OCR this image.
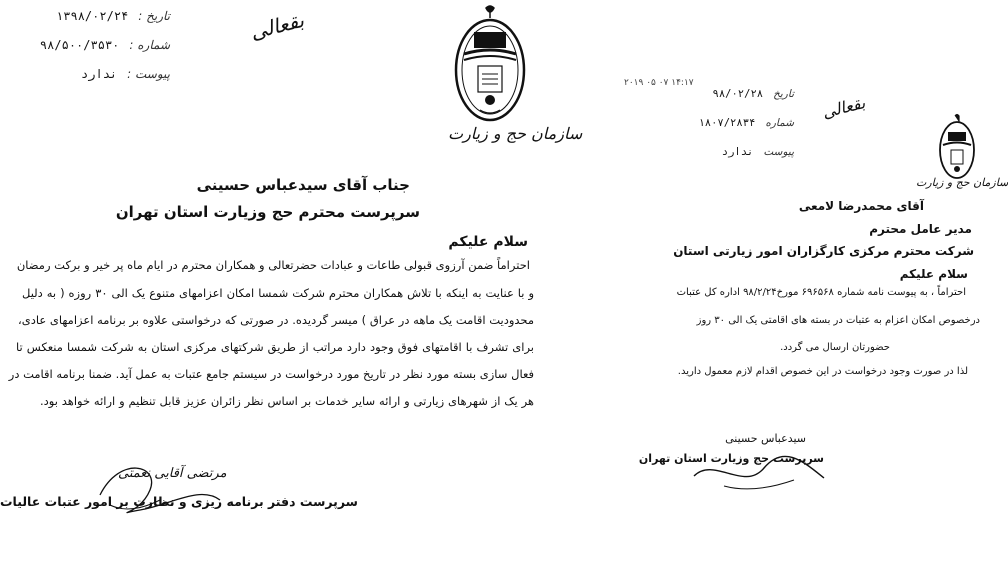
تاریخ :
۱۳۹۸/۰۲/۲۴
شماره :
۹۸/۵۰۰/۳۵۳۰
پیوست :
ندارد
بقعالی
سازمان حج و زیارت
جناب آقای سیدعباس حسینی
سرپرست محترم حج وزیارت استان تهران
سلام علیکم
احتراماً ضمن آرزوی قبولی طاعات و عبادات حضرتعالی و همکاران محترم در ایام ماه پر خیر و برکت رمضان
و با عنایت به اینکه با تلاش همکاران محترم شرکت شمسا امکان اعزامهای متنوع یک الی ۳۰ روزه ( به دلیل
محدودیت اقامت یک ماهه در عراق ) میسر گردیده. در صورتی که درخواستی علاوه بر برنامه اعزامهای عادی،
برای تشرف با اقامتهای فوق وجود دارد مراتب از طریق شرکتهای مرکزی استان به شرکت شمسا منعکس تا
فعال سازی بسته مورد نظر در تاریخ مورد درخواست در سیستم جامع عتبات به عمل آید. ضمنا برنامه اقامت در
هر یک از شهرهای زیارتی و ارائه سایر خدمات بر اساس نظر زائران عزیز قابل تنظیم و ارائه خواهد بود.
مرتضی آقایی نعمتی
سرپرست دفتر برنامه ریزی و نظارت بر امور عتبات عالیات
۲۰۱۹ ۰۵ ۰۷ ۱۴:۱۷
تاریخ
۹۸/۰۲/۲۸
شماره
۱۸۰۷/۲۸۳۴
پیوست
ندارد
بقعالی
سازمان حج و زیارت
آقای محمدرضا لامعی
مدیر عامل محترم
شرکت محترم مرکزی کارگزاران امور زیارتی استان
سلام علیکم
احتراماً ، به پیوست نامه شماره ۶۹۶۵۶۸ مورخ۹۸/۲/۲۴ اداره کل عتبات
درخصوص امکان اعزام به عتبات در بسته های اقامتی یک الی ۳۰ روز
حضورتان ارسال می گردد.
لذا در صورت وجود درخواست در این خصوص اقدام لازم معمول دارید.
سیدعباس حسینی
سرپرست حج وزیارت استان تهران
